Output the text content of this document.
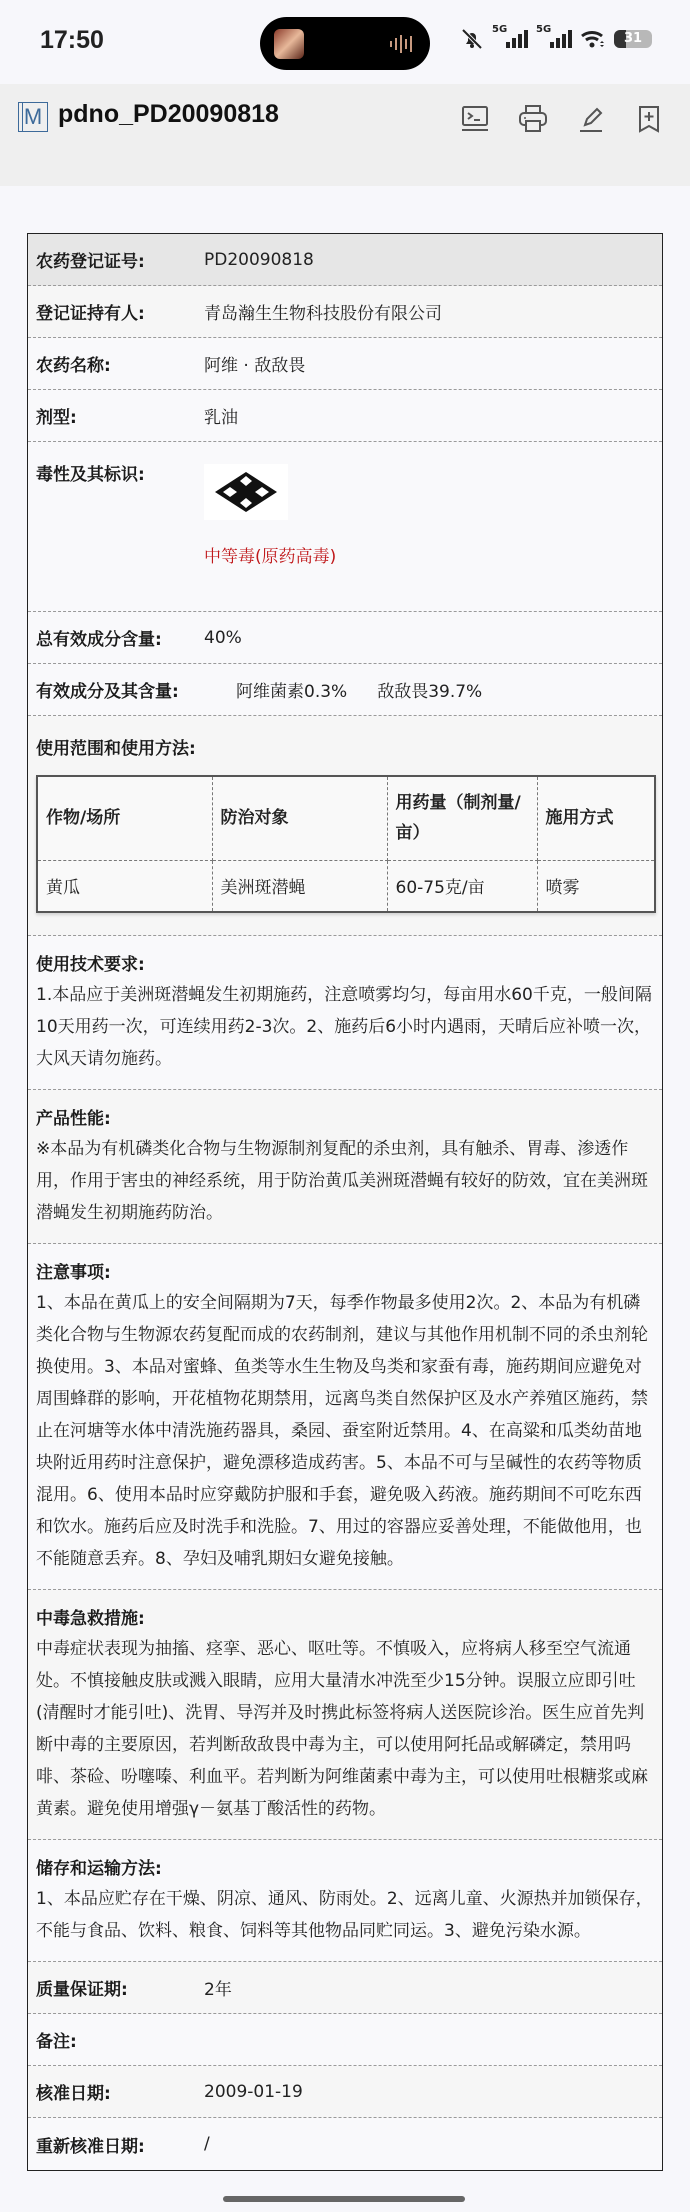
17:50	5G	5G
31
M pdno_PD20090818
农药登记证号:	PD20090818
登记证持有人:	青岛瀚生生物科技股份有限公司
农药名称:	阿维 · 敌敌畏
剂型:	乳油
毒性及其标识:
中等毒(原药高毒)
总有效成分含量:	40%
有效成分及其含量:	阿维菌素0.3% 敌敌畏39.7%
使用范围和使用方法:
作物/场所	防治对象	用药量（制剂量/亩）	施用方式
黄瓜	美洲斑潜蝇	60-75克/亩	喷雾
使用技术要求:
1.本品应于美洲斑潜蝇发生初期施药，注意喷雾均匀，每亩用水60千克，一般间隔10天用药一次，可连续用药2-3次。2、施药后6小时内遇雨，天晴后应补喷一次，大风天请勿施药。
产品性能:
※本品为有机磷类化合物与生物源制剂复配的杀虫剂，具有触杀、胃毒、渗透作用，作用于害虫的神经系统，用于防治黄瓜美洲斑潜蝇有较好的防效，宜在美洲斑潜蝇发生初期施药防治。
注意事项:
1、本品在黄瓜上的安全间隔期为7天，每季作物最多使用2次。2、本品为有机磷类化合物与生物源农药复配而成的农药制剂，建议与其他作用机制不同的杀虫剂轮换使用。3、本品对蜜蜂、鱼类等水生生物及鸟类和家蚕有毒，施药期间应避免对周围蜂群的影响，开花植物花期禁用，远离鸟类自然保护区及水产养殖区施药，禁止在河塘等水体中清洗施药器具，桑园、蚕室附近禁用。4、在高粱和瓜类幼苗地块附近用药时注意保护，避免漂移造成药害。5、本品不可与呈碱性的农药等物质混用。6、使用本品时应穿戴防护服和手套，避免吸入药液。施药期间不可吃东西和饮水。施药后应及时洗手和洗脸。7、用过的容器应妥善处理，不能做他用，也不能随意丢弃。8、孕妇及哺乳期妇女避免接触。
中毒急救措施:
中毒症状表现为抽搐、痉挛、恶心、呕吐等。不慎吸入，应将病人移至空气流通处。不慎接触皮肤或溅入眼睛，应用大量清水冲洗至少15分钟。误服立应即引吐(清醒时才能引吐)、洗胃、导泻并及时携此标签将病人送医院诊治。医生应首先判断中毒的主要原因，若判断敌敌畏中毒为主，可以使用阿托品或解磷定，禁用吗啡、茶硷、吩噻嗪、利血平。若判断为阿维菌素中毒为主，可以使用吐根糖浆或麻黄素。避免使用增强γ－氨基丁酸活性的药物。
储存和运输方法:
1、本品应贮存在干燥、阴凉、通风、防雨处。2、远离儿童、火源热并加锁保存，不能与食品、饮料、粮食、饲料等其他物品同贮同运。3、避免污染水源。
质量保证期:	2年
备注:
核准日期:	2009-01-19
重新核准日期:	/
